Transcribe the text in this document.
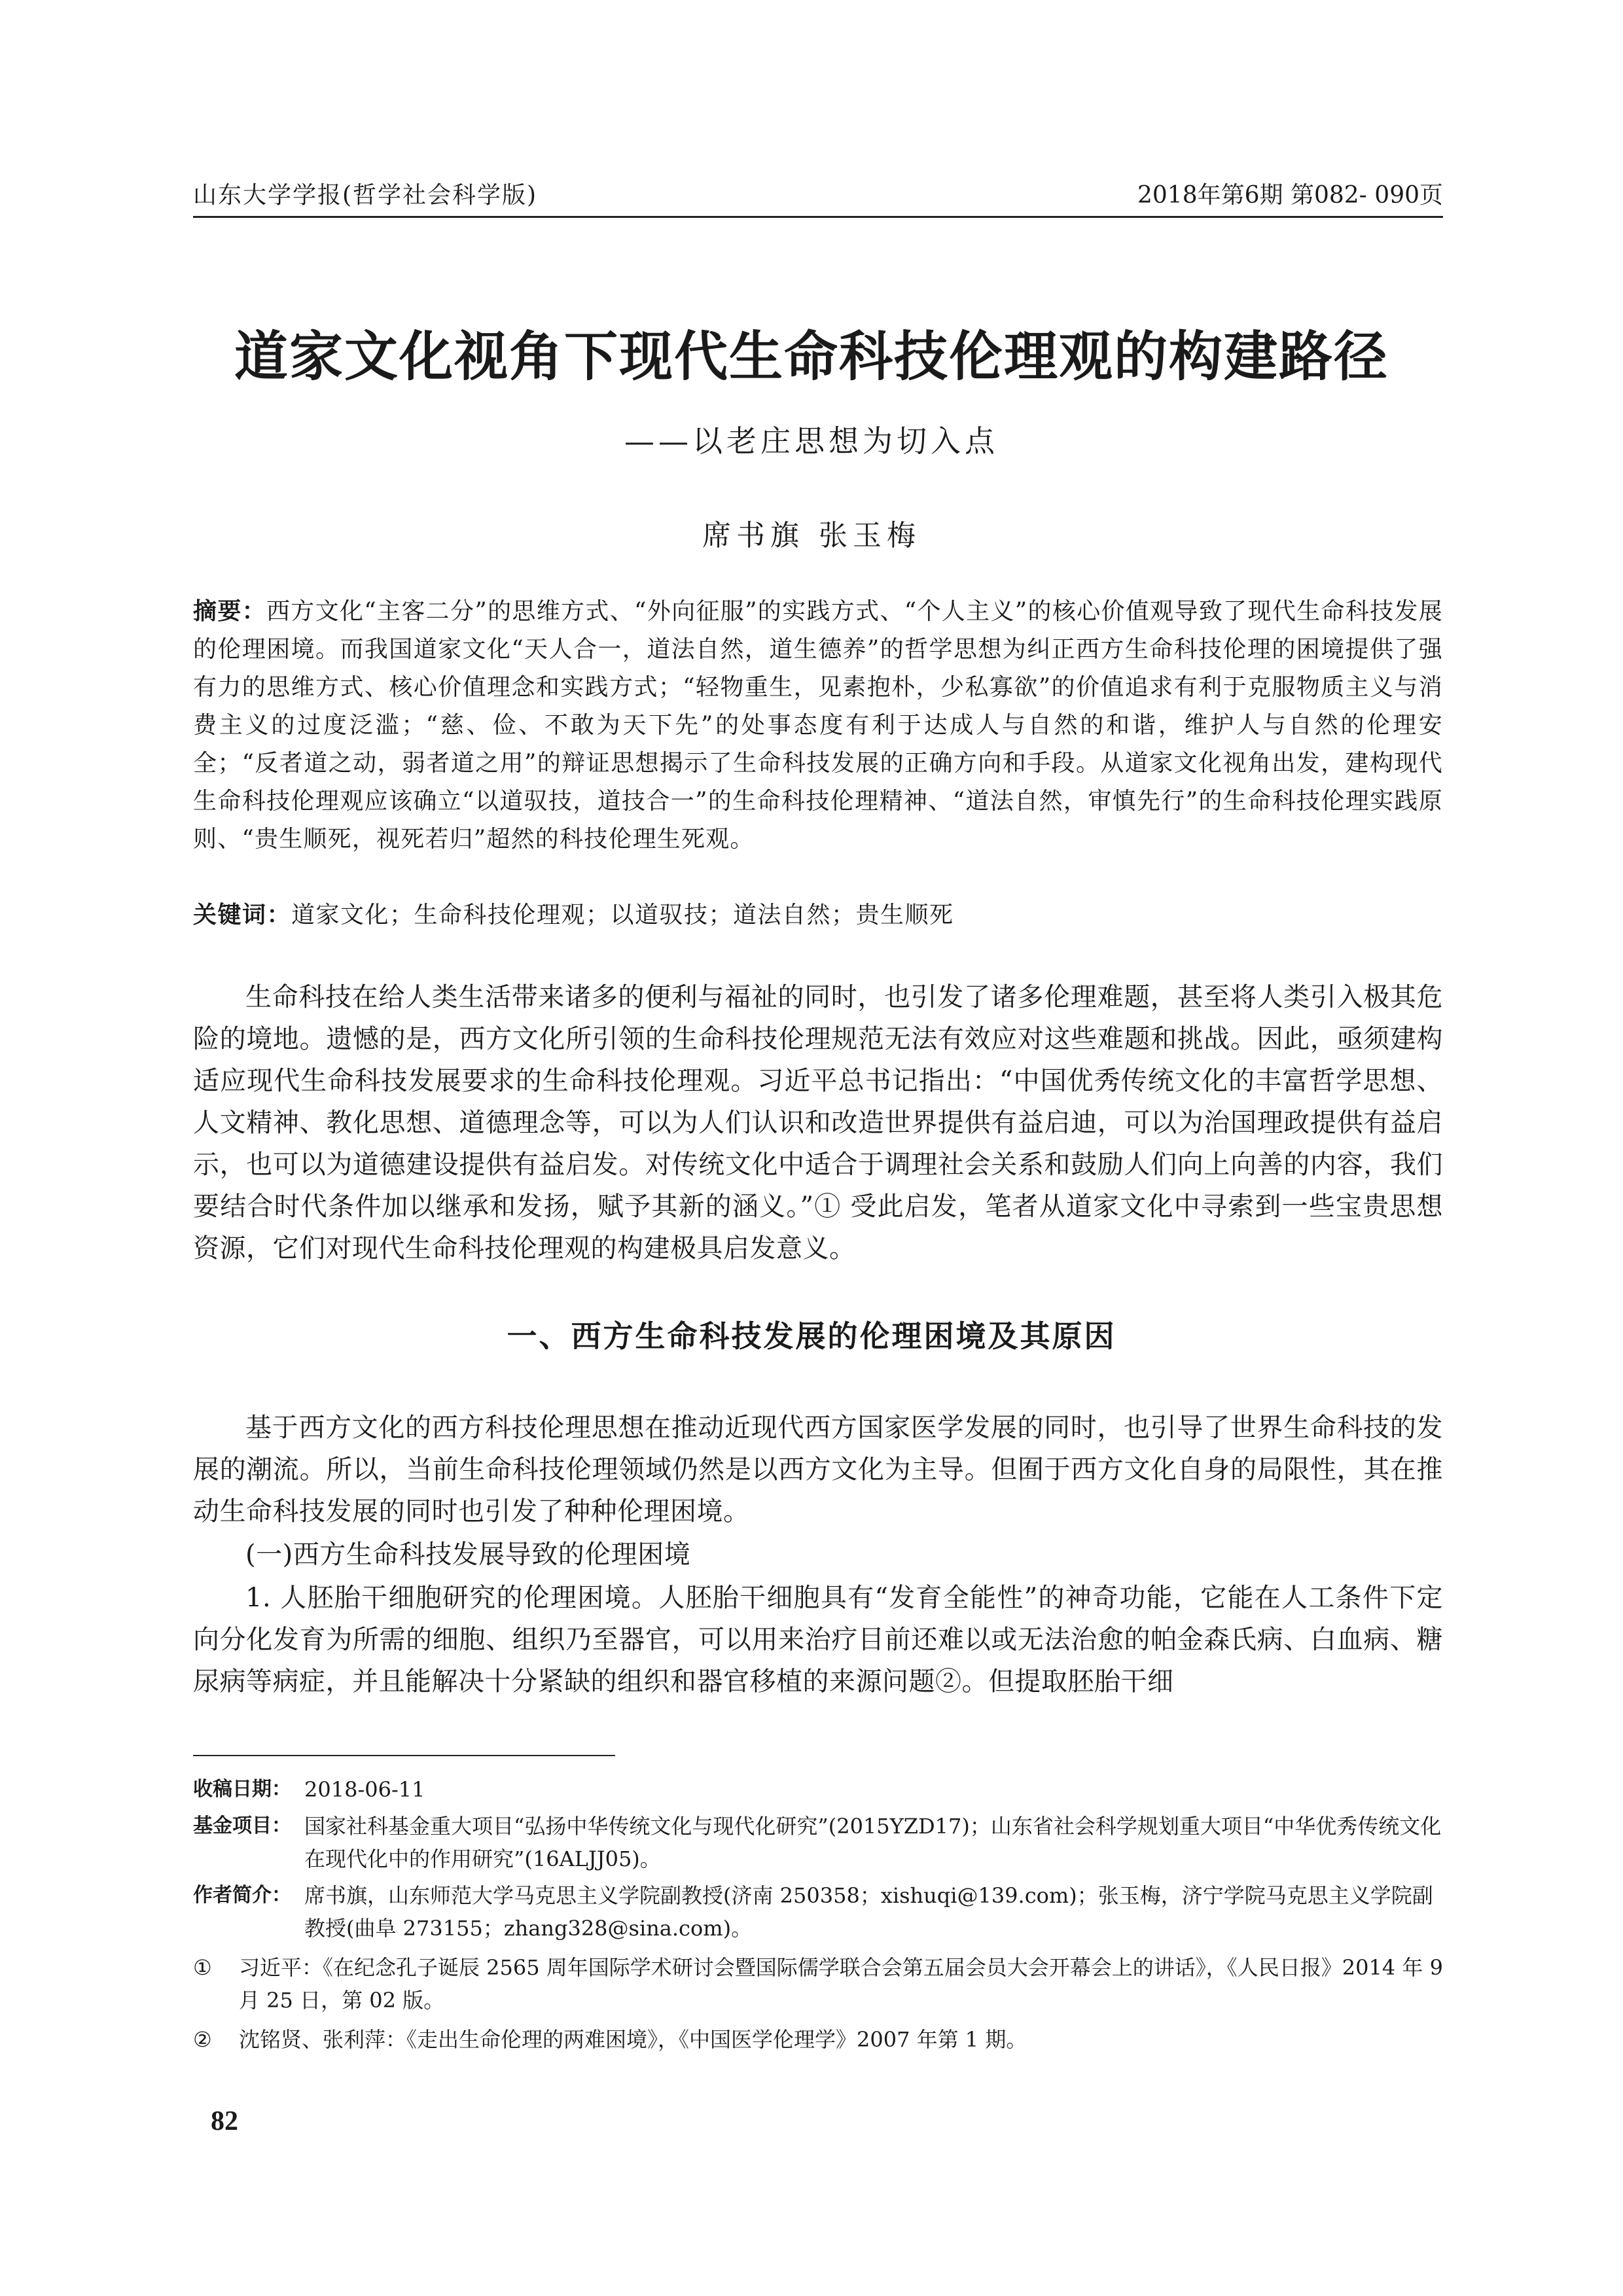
山东大学学报(哲学社会科学版)	2018年第6期 第082- 090页
道家文化视角下现代生命科技伦理观的构建路径
——以老庄思想为切入点
席书旗 张玉梅
摘要：西方文化“主客二分”的思维方式、“外向征服”的实践方式、“个人主义”的核心价值观导致了现代生命科技发展的伦理困境。而我国道家文化“天人合一，道法自然，道生德养”的哲学思想为纠正西方生命科技伦理的困境提供了强有力的思维方式、核心价值理念和实践方式；“轻物重生，见素抱朴，少私寡欲”的价值追求有利于克服物质主义与消费主义的过度泛滥；“慈、俭、不敢为天下先”的处事态度有利于达成人与自然的和谐，维护人与自然的伦理安全；“反者道之动，弱者道之用”的辩证思想揭示了生命科技发展的正确方向和手段。从道家文化视角出发，建构现代生命科技伦理观应该确立“以道驭技，道技合一”的生命科技伦理精神、“道法自然，审慎先行”的生命科技伦理实践原则、“贵生顺死，视死若归”超然的科技伦理生死观。
关键词：道家文化；生命科技伦理观；以道驭技；道法自然；贵生顺死

生命科技在给人类生活带来诸多的便利与福祉的同时，也引发了诸多伦理难题，甚至将人类引入极其危险的境地。遗憾的是，西方文化所引领的生命科技伦理规范无法有效应对这些难题和挑战。因此，亟须建构适应现代生命科技发展要求的生命科技伦理观。习近平总书记指出：“中国优秀传统文化的丰富哲学思想、人文精神、教化思想、道德理念等，可以为人们认识和改造世界提供有益启迪，可以为治国理政提供有益启示，也可以为道德建设提供有益启发。对传统文化中适合于调理社会关系和鼓励人们向上向善的内容，我们要结合时代条件加以继承和发扬，赋予其新的涵义。”① 受此启发，笔者从道家文化中寻索到一些宝贵思想资源，它们对现代生命科技伦理观的构建极具启发意义。

一、西方生命科技发展的伦理困境及其原因

基于西方文化的西方科技伦理思想在推动近现代西方国家医学发展的同时，也引导了世界生命科技的发展的潮流。所以，当前生命科技伦理领域仍然是以西方文化为主导。但囿于西方文化自身的局限性，其在推动生命科技发展的同时也引发了种种伦理困境。

(一)西方生命科技发展导致的伦理困境

1. 人胚胎干细胞研究的伦理困境。人胚胎干细胞具有“发育全能性”的神奇功能，它能在人工条件下定向分化发育为所需的细胞、组织乃至器官，可以用来治疗目前还难以或无法治愈的帕金森氏病、白血病、糖尿病等病症，并且能解决十分紧缺的组织和器官移植的来源问题②。但提取胚胎干细

收稿日期： 2018-06-11
基金项目： 国家社科基金重大项目“弘扬中华传统文化与现代化研究”(2015YZD17)；山东省社会科学规划重大项目“中华优秀传统文化在现代化中的作用研究”(16ALJJ05)。
作者简介： 席书旗，山东师范大学马克思主义学院副教授(济南 250358；xishuqi@139.com)；张玉梅，济宁学院马克思主义学院副教授(曲阜 273155；zhang328@sina.com)。
①	习近平：《在纪念孔子诞辰 2565 周年国际学术研讨会暨国际儒学联合会第五届会员大会开幕会上的讲话》，《人民日报》2014 年 9 月 25 日，第 02 版。
②	沈铭贤、张利萍：《走出生命伦理的两难困境》，《中国医学伦理学》2007 年第 1 期。
82
